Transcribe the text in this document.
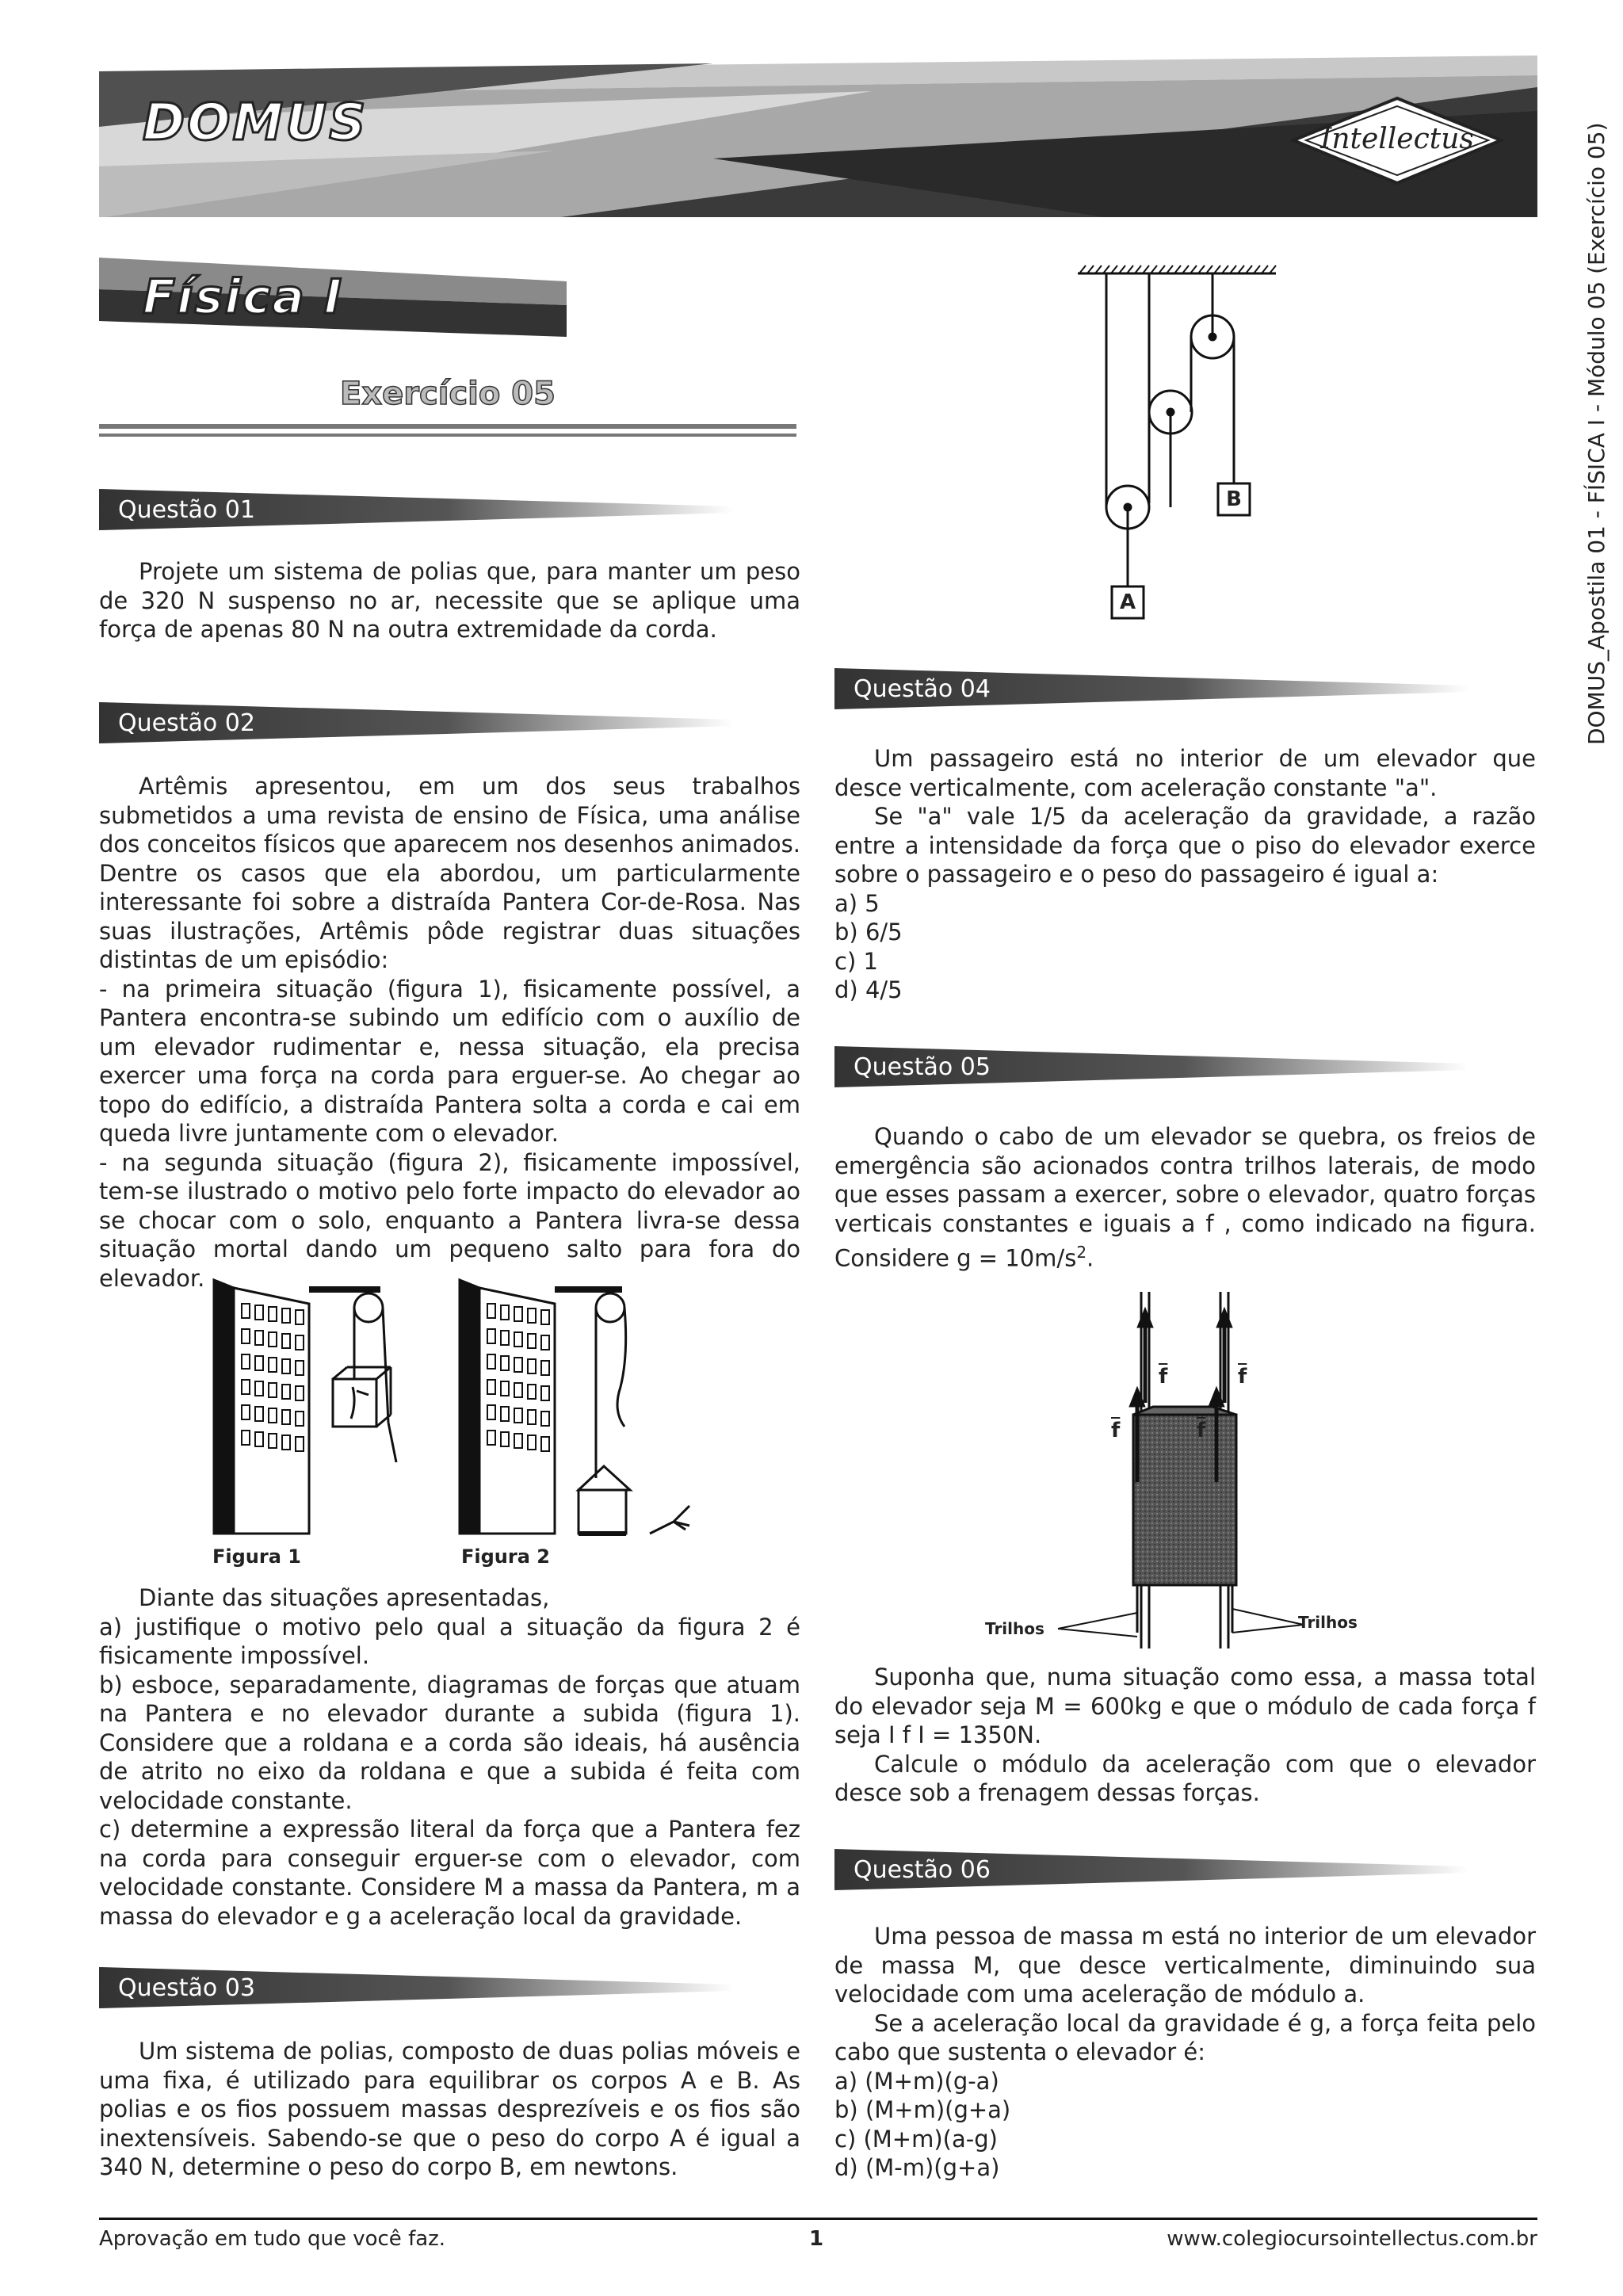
DOMUS	Intellectus	DOMUS_Apostila 01 - FÍSICA I - Módulo 05 (Exercício 05)
Física I
Exercício 05
Questão 01

Projete um sistema de polias que, para manter um peso de 320 N suspenso no ar, necessite que se aplique uma força de apenas 80 N na outra extremidade da corda.

Questão 02

Artêmis apresentou, em um dos seus trabalhos submetidos a uma revista de ensino de Física, uma análise dos conceitos físicos que aparecem nos desenhos animados. Dentre os casos que ela abordou, um particularmente interessante foi sobre a distraída Pantera Cor-de-Rosa. Nas suas ilustrações, Artêmis pôde registrar duas situações distintas de um episódio:

- na primeira situação (figura 1), fisicamente possível, a Pantera encontra-se subindo um edifício com o auxílio de um elevador rudimentar e, nessa situação, ela precisa exercer uma força na corda para erguer-se. Ao chegar ao topo do edifício, a distraída Pantera solta a corda e cai em queda livre juntamente com o elevador.

- na segunda situação (figura 2), fisicamente impossível, tem-se ilustrado o motivo pelo forte impacto do elevador ao se chocar com o solo, enquanto a Pantera livra-se dessa situação mortal dando um pequeno salto para fora do elevador.

Figura 1	Figura 2

Diante das situações apresentadas,

a) justifique o motivo pelo qual a situação da figura 2 é fisicamente impossível.

b) esboce, separadamente, diagramas de forças que atuam na Pantera e no elevador durante a subida (figura 1). Considere que a roldana e a corda são ideais, há ausência de atrito no eixo da roldana e que a subida é feita com velocidade constante.

c) determine a expressão literal da força que a Pantera fez na corda para conseguir erguer-se com o elevador, com velocidade constante. Considere M a massa da Pantera, m a massa do elevador e g a aceleração local da gravidade.

Questão 03

Um sistema de polias, composto de duas polias móveis e uma fixa, é utilizado para equilibrar os corpos A e B. As polias e os fios possuem massas desprezíveis e os fios são inextensíveis. Sabendo-se que o peso do corpo A é igual a 340 N, determine o peso do corpo B, em newtons.

A
B
Questão 04

Um passageiro está no interior de um elevador que desce verticalmente, com aceleração constante "a".

Se "a" vale 1/5 da aceleração da gravidade, a razão entre a intensidade da força que o piso do elevador exerce sobre o passageiro e o peso do passageiro é igual a:

a) 5

b) 6/5

c) 1

d) 4/5

Questão 05

Quando o cabo de um elevador se quebra, os freios de emergência são acionados contra trilhos laterais, de modo que esses passam a exercer, sobre o elevador, quatro forças verticais constantes e iguais a f , como indicado na figura. Considere $g = 10m/s^2$.

$\overline{f}$	$\overline{f}$
$\overline{f}$	$\overline{f}$
Trilhos	Trilhos

Suponha que, numa situação como essa, a massa total do elevador seja M = 600kg e que o módulo de cada força f seja I f I = 1350N.

Calcule o módulo da aceleração com que o elevador desce sob a frenagem dessas forças.

Questão 06

Uma pessoa de massa m está no interior de um elevador de massa M, que desce verticalmente, diminuindo sua velocidade com uma aceleração de módulo a.

Se a aceleração local da gravidade é g, a força feita pelo cabo que sustenta o elevador é:

a) (M+m)(g-a)

b) (M+m)(g+a)

c) (M+m)(a-g)

d) (M-m)(g+a)

Aprovação em tudo que você faz.	1	www.colegiocursointellectus.com.br
